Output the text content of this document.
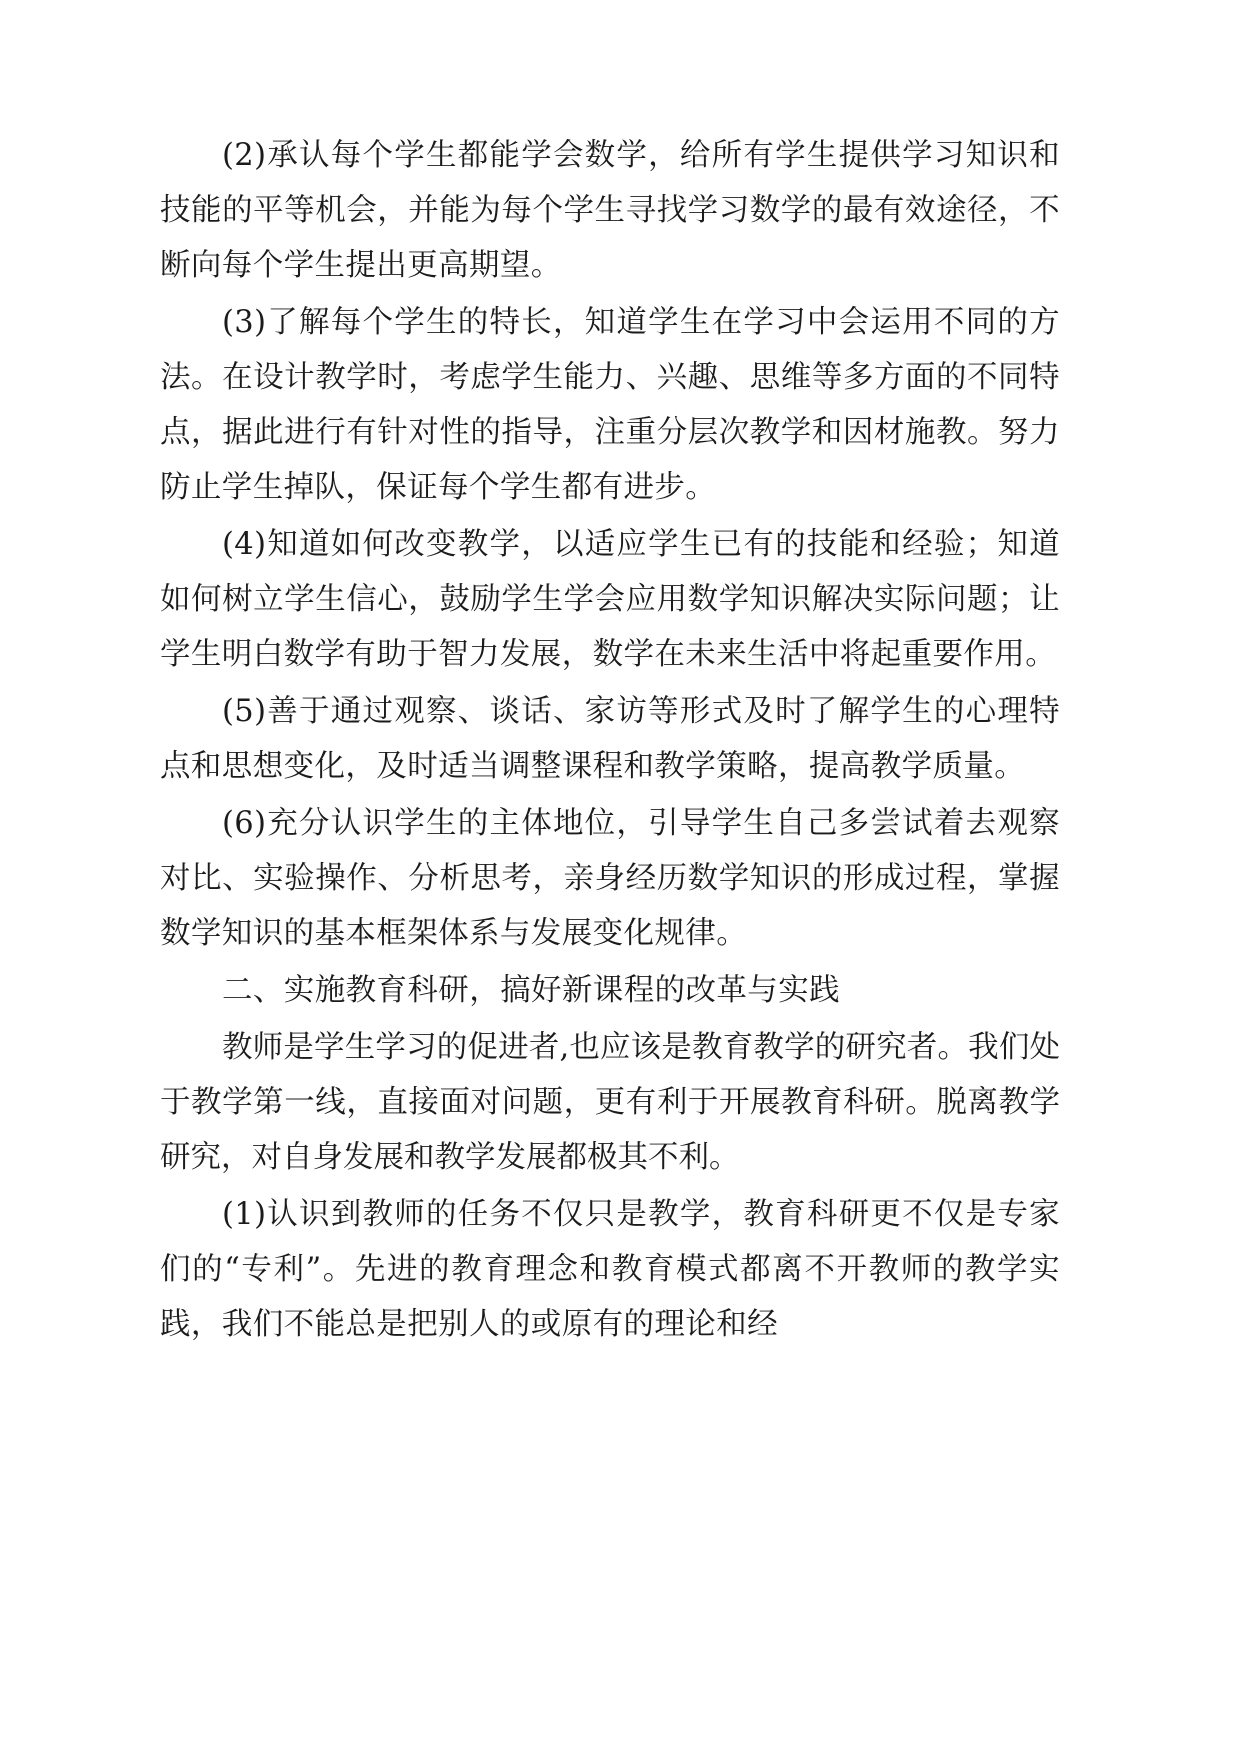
(2)承认每个学生都能学会数学，给所有学生提供学习知识和技能的平等机会，并能为每个学生寻找学习数学的最有效途径，不断向每个学生提出更高期望。

(3)了解每个学生的特长，知道学生在学习中会运用不同的方法。在设计教学时，考虑学生能力、兴趣、思维等多方面的不同特点，据此进行有针对性的指导，注重分层次教学和因材施教。努力防止学生掉队，保证每个学生都有进步。

(4)知道如何改变教学，以适应学生已有的技能和经验；知道如何树立学生信心，鼓励学生学会应用数学知识解决实际问题；让学生明白数学有助于智力发展，数学在未来生活中将起重要作用。

(5)善于通过观察、谈话、家访等形式及时了解学生的心理特点和思想变化，及时适当调整课程和教学策略，提高教学质量。

(6)充分认识学生的主体地位，引导学生自己多尝试着去观察对比、实验操作、分析思考，亲身经历数学知识的形成过程，掌握数学知识的基本框架体系与发展变化规律。

二、实施教育科研，搞好新课程的改革与实践

教师是学生学习的促进者,也应该是教育教学的研究者。我们处于教学第一线，直接面对问题，更有利于开展教育科研。脱离教学研究，对自身发展和教学发展都极其不利。

(1)认识到教师的任务不仅只是教学，教育科研更不仅是专家们的“专利”。先进的教育理念和教育模式都离不开教师的教学实践，我们不能总是把别人的或原有的理论和经
